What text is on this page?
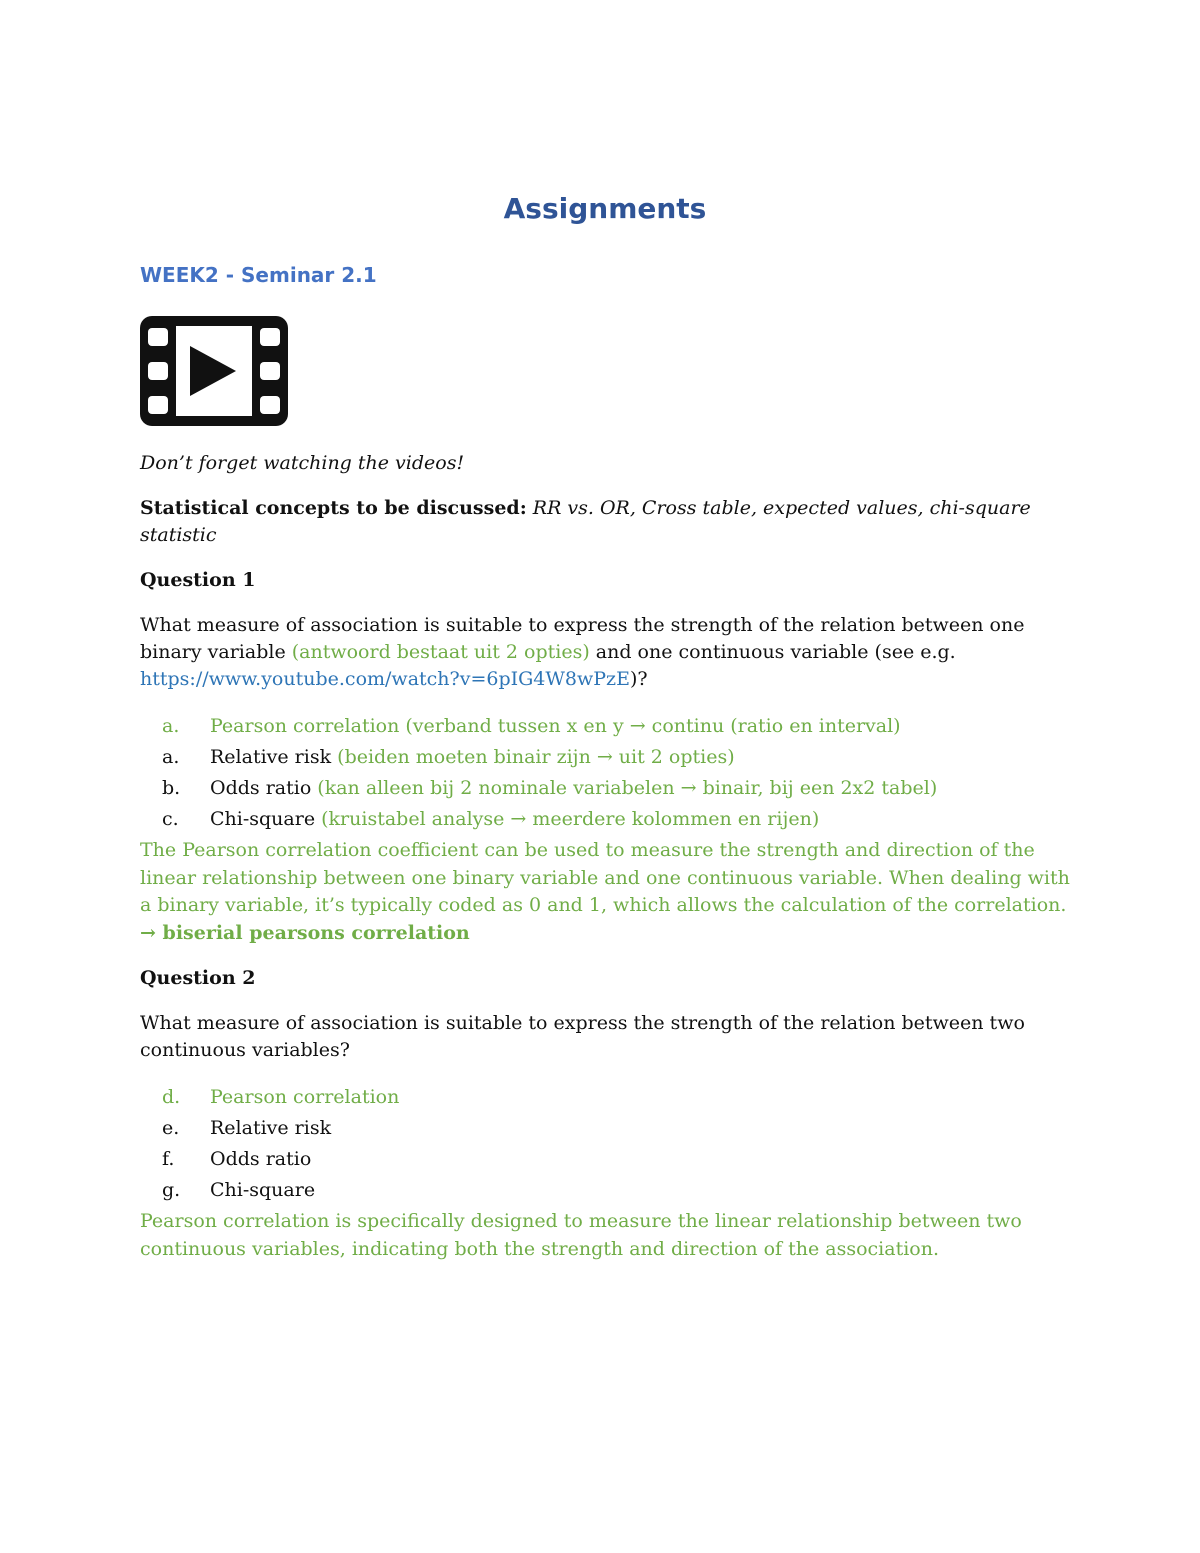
Assignments
WEEK2 - Seminar 2.1

Don’t forget watching the videos!

Statistical concepts to be discussed: RR vs. OR, Cross table, expected values, chi-square statistic

Question 1

What measure of association is suitable to express the strength of the relation between one binary variable (antwoord bestaat uit 2 opties) and one continuous variable (see e.g. https://www.youtube.com/watch?v=6pIG4W8wPzE)?

a.	Pearson correlation (verband tussen x en y → continu (ratio en interval)
a.	Relative risk (beiden moeten binair zijn → uit 2 opties)
b.	Odds ratio (kan alleen bij 2 nominale variabelen → binair, bij een 2x2 tabel)
c.	Chi-square (kruistabel analyse → meerdere kolommen en rijen)

The Pearson correlation coefficient can be used to measure the strength and direction of the linear relationship between one binary variable and one continuous variable. When dealing with a binary variable, it’s typically coded as 0 and 1, which allows the calculation of the correlation. → biserial pearsons correlation

Question 2

What measure of association is suitable to express the strength of the relation between two continuous variables?

d.	Pearson correlation
e.	Relative risk
f.	Odds ratio
g.	Chi-square

Pearson correlation is specifically designed to measure the linear relationship between two continuous variables, indicating both the strength and direction of the association.
